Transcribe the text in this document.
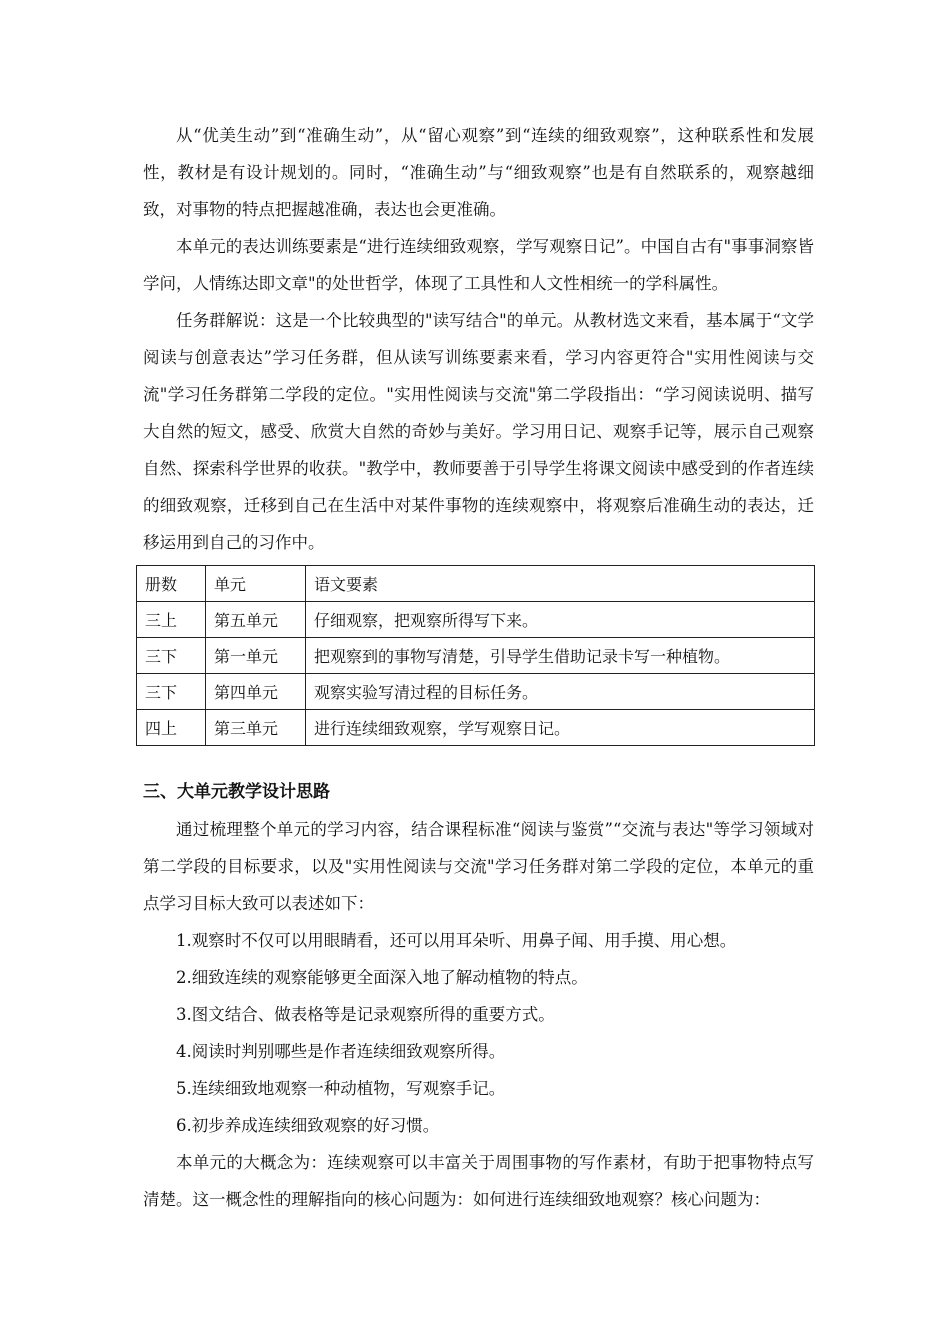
从“优美生动”到“准确生动”，从“留心观察”到“连续的细致观察”，这种联系性和发展性，教材是有设计规划的。同时，“准确生动”与“细致观察”也是有自然联系的，观察越细致，对事物的特点把握越准确，表达也会更准确。

本单元的表达训练要素是“进行连续细致观察，学写观察日记”。中国自古有"事事洞察皆学问，人情练达即文章"的处世哲学，体现了工具性和人文性相统一的学科属性。

任务群解说：这是一个比较典型的"读写结合"的单元。从教材选文来看，基本属于“文学阅读与创意表达”学习任务群，但从读写训练要素来看，学习内容更符合"实用性阅读与交流"学习任务群第二学段的定位。"实用性阅读与交流"第二学段指出：“学习阅读说明、描写大自然的短文，感受、欣赏大自然的奇妙与美好。学习用日记、观察手记等，展示自己观察自然、探索科学世界的收获。"教学中，教师要善于引导学生将课文阅读中感受到的作者连续的细致观察，迁移到自己在生活中对某件事物的连续观察中，将观察后准确生动的表达，迁移运用到自己的习作中。

册数	单元	语文要素
三上	第五单元	仔细观察，把观察所得写下来。
三下	第一单元	把观察到的事物写清楚，引导学生借助记录卡写一种植物。
三下	第四单元	观察实验写清过程的目标任务。
四上	第三单元	进行连续细致观察，学写观察日记。
三、大单元教学设计思路

通过梳理整个单元的学习内容，结合课程标准“阅读与鉴赏”“交流与表达"等学习领域对第二学段的目标要求，以及"实用性阅读与交流"学习任务群对第二学段的定位，本单元的重点学习目标大致可以表述如下：

1.观察时不仅可以用眼睛看，还可以用耳朵听、用鼻子闻、用手摸、用心想。

2.细致连续的观察能够更全面深入地了解动植物的特点。

3.图文结合、做表格等是记录观察所得的重要方式。

4.阅读时判别哪些是作者连续细致观察所得。

5.连续细致地观察一种动植物，写观察手记。

6.初步养成连续细致观察的好习惯。

本单元的大概念为：连续观察可以丰富关于周围事物的写作素材，有助于把事物特点写清楚。这一概念性的理解指向的核心问题为：如何进行连续细致地观察？核心问题为：
